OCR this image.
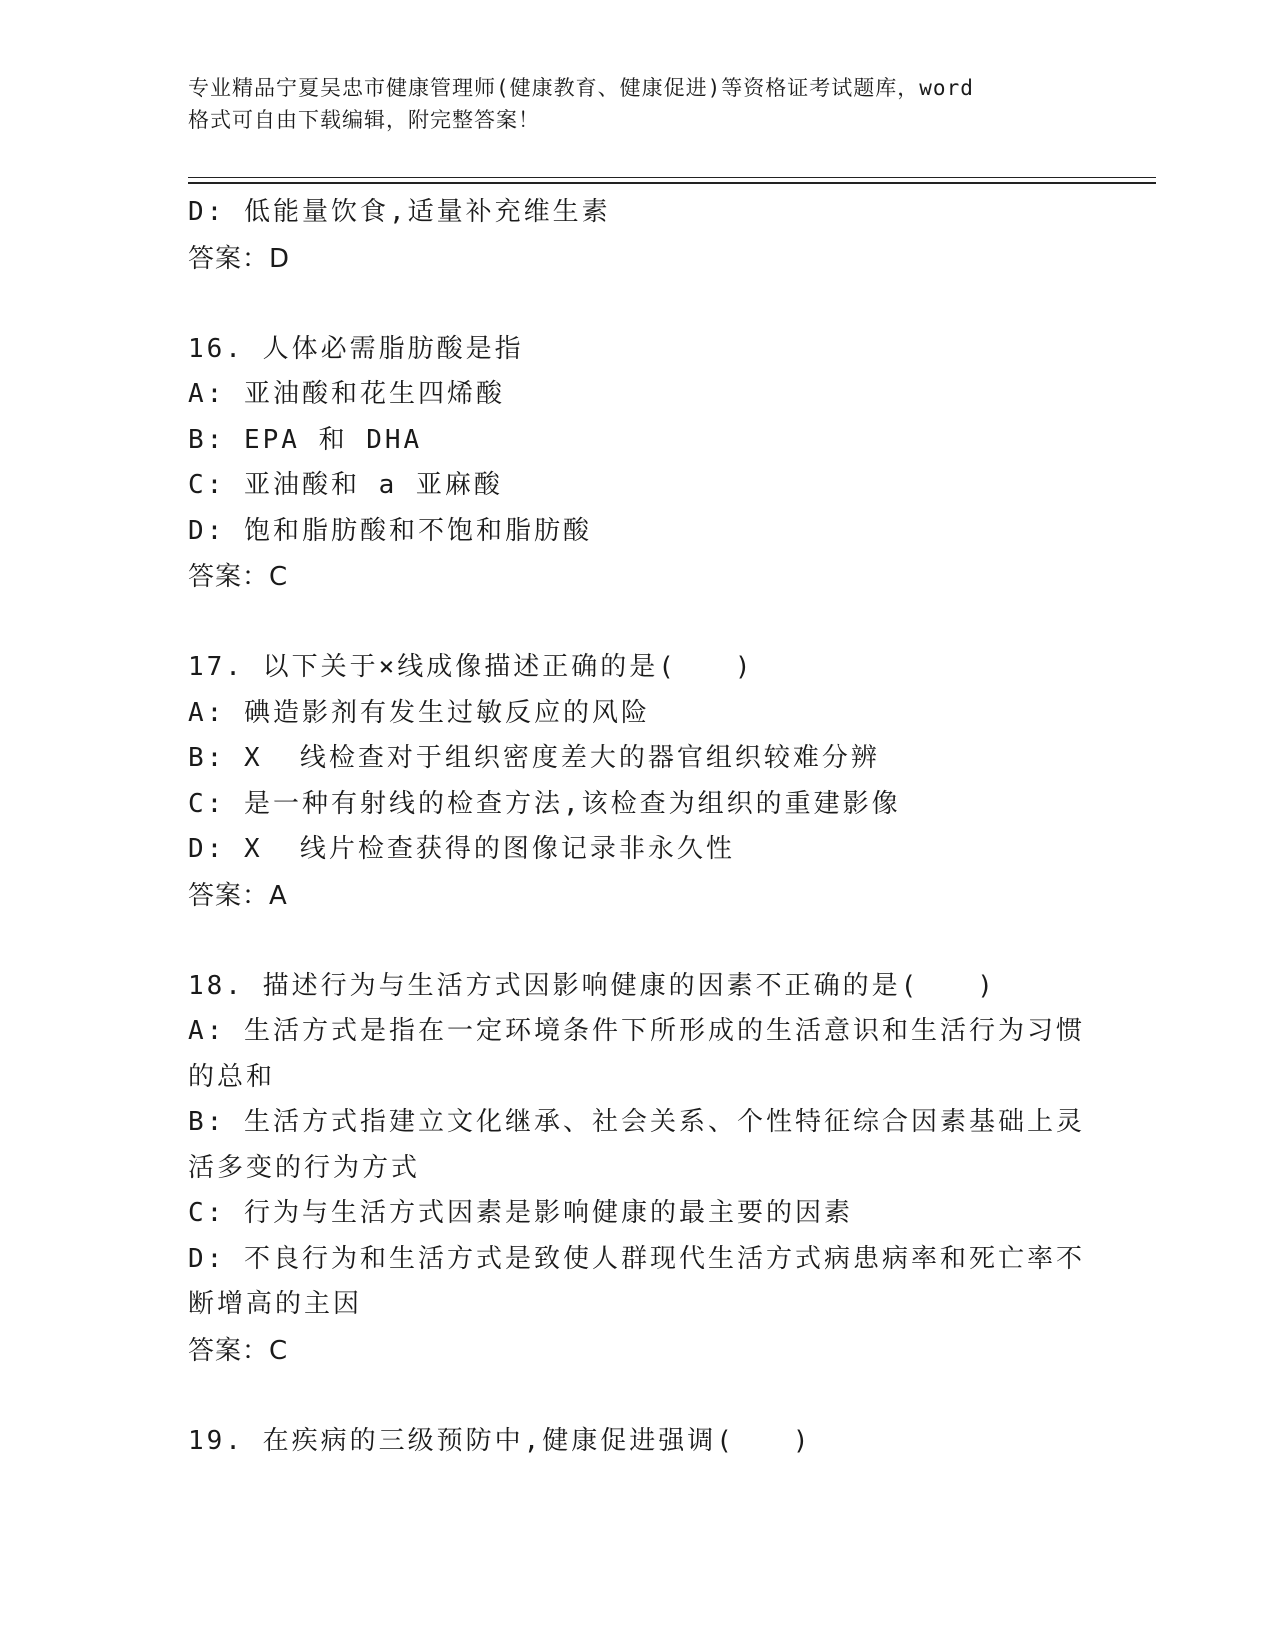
专业精品宁夏吴忠市健康管理师(健康教育、健康促进)等资格证考试题库，word
格式可自由下载编辑，附完整答案！
D: 低能量饮食,适量补充维生素
答案：D
16. 人体必需脂肪酸是指
A: 亚油酸和花生四烯酸
B: EPA 和 DHA
C: 亚油酸和 a 亚麻酸
D: 饱和脂肪酸和不饱和脂肪酸
答案：C
17. 以下关于×线成像描述正确的是(　　)
A: 碘造影剂有发生过敏反应的风险
B: X  线检查对于组织密度差大的器官组织较难分辨
C: 是一种有射线的检查方法,该检查为组织的重建影像
D: X  线片检查获得的图像记录非永久性
答案：A
18. 描述行为与生活方式因影响健康的因素不正确的是(　　)
A: 生活方式是指在一定环境条件下所形成的生活意识和生活行为习惯的总和
B: 生活方式指建立文化继承、社会关系、个性特征综合因素基础上灵活多变的行为方式
C: 行为与生活方式因素是影响健康的最主要的因素
D: 不良行为和生活方式是致使人群现代生活方式病患病率和死亡率不断增高的主因
答案：C
19. 在疾病的三级预防中,健康促进强调(　　)
